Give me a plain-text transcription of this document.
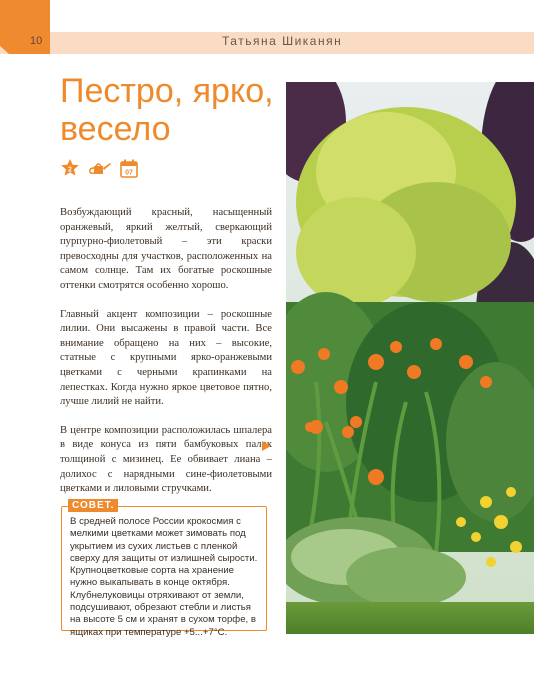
10	Татьяна Шиканян
Пестро, ярко, весело
2	07

Возбуждающий красный, насыщенный оранжевый, яркий желтый, сверкающий пурпурно-фиолетовый – эти краски превосходны для участков, расположенных на самом солнце. Там их богатые роскошные оттенки смотрятся особенно хорошо.

Главный акцент композиции – роскошные лилии. Они высажены в правой части. Все внимание обращено на них – высокие, статные с крупными ярко-оранжевыми цветками с черными крапинками на лепестках. Когда нужно яркое цветовое пятно, лучше лилий не найти.

В центре композиции расположилась шпалера в виде конуса из пяти бамбуковых палок толщиной с мизинец. Ее обвивает лиана – долихос с нарядными сине-фиолетовыми цветками и лиловыми стручками.

СОВЕТ.
В средней полосе России крокосмия с мелкими цветками может зимовать под укрытием из сухих листьев с пленкой сверху для защиты от излишней сырости. Крупноцветковые сорта на хранение нужно выкапывать в конце октября. Клубнелуковицы отряхивают от земли, подсушивают, обрезают стебли и листья на высоте 5 см и хранят в сухом торфе, в ящиках при температуре +5...+7°С.
